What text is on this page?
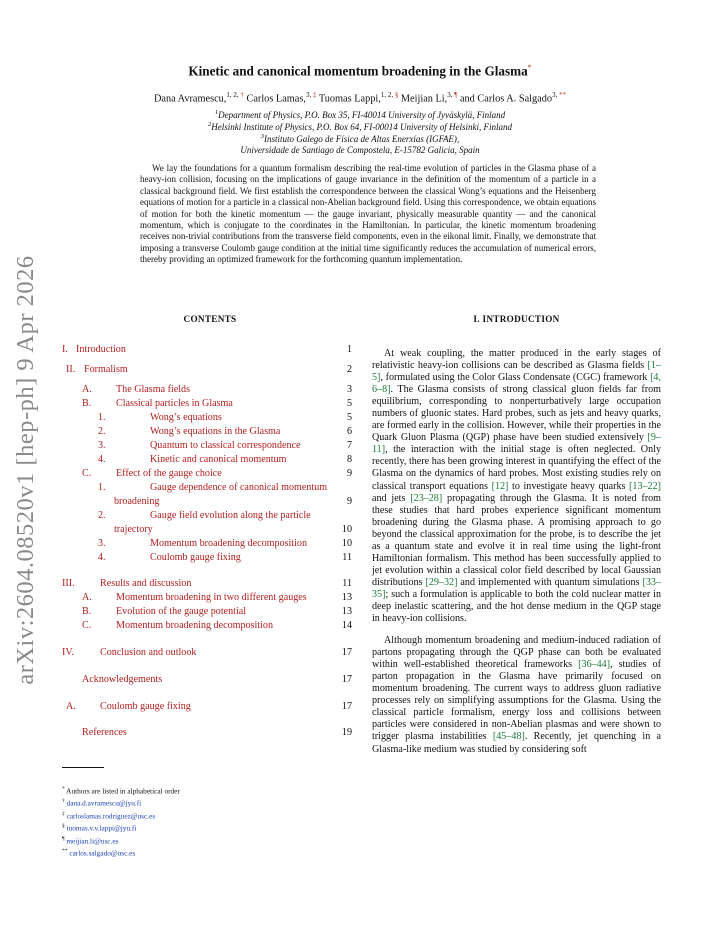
arXiv:2604.08520v1 [hep-ph] 9 Apr 2026
Kinetic and canonical momentum broadening in the Glasma*
Dana Avramescu,$^{1, 2, \dagger}$ Carlos Lamas,$^{3, \ddagger}$ Tuomas Lappi,$^{1, 2, \S}$ Meijian Li,$^{3, \P}$ and Carlos A. Salgado$^{3, **}$
$^1$Department of Physics, P.O. Box 35, FI-40014 University of Jyväskylä, Finland
$^2$Helsinki Institute of Physics, P.O. Box 64, FI-00014 University of Helsinki, Finland
$^3$Instituto Galego de Física de Altas Enerxías (IGFAE),
Universidade de Santiago de Compostela, E-15782 Galicia, Spain

We lay the foundations for a quantum formalism describing the real-time evolution of particles in the Glasma phase of a heavy-ion collision, focusing on the implications of gauge invariance in the definition of the momentum of a particle in a classical background field. We first establish the correspondence between the classical Wong’s equations and the Heisenberg equations of motion for a particle in a classical non-Abelian background field. Using this correspondence, we obtain equations of motion for both the kinetic momentum — the gauge invariant, physically measurable quantity — and the canonical momentum, which is conjugate to the coordinates in the Hamiltonian. In particular, the kinetic momentum broadening receives non-trivial contributions from the transverse field components, even in the eikonal limit. Finally, we demonstrate that imposing a transverse Coulomb gauge condition at the initial time significantly reduces the accumulation of numerical errors, thereby providing an optimized framework for the forthcoming quantum implementation.

CONTENTS	I. INTRODUCTION
I. Introduction	1
II. Formalism	2
A. The Glasma fields	3
B. Classical particles in Glasma	5
1.	Wong’s equations	5
2.	Wong’s equations in the Glasma	6
3.	Quantum to classical correspondence	7
4.	Kinetic and canonical momentum	8
C. Effect of the gauge choice	9
1.	Gauge dependence of canonical momentum
broadening	9
2.	Gauge field evolution along the particle
trajectory	10
3.	Momentum broadening decomposition	10
4.	Coulomb gauge fixing	11
III.	Results and discussion	11
A. Momentum broadening in two different gauges	13
B. Evolution of the gauge potential	13
C. Momentum broadening decomposition	14
IV.	Conclusion and outlook	17
Acknowledgements	17
A. Coulomb gauge fixing	17
References	19

At weak coupling, the matter produced in the early stages of relativistic heavy-ion collisions can be described as Glasma fields [1–5], formulated using the Color Glass Condensate (CGC) framework [4, 6–8]. The Glasma consists of strong classical gluon fields far from equilibrium, corresponding to nonperturbatively large occupation numbers of gluonic states. Hard probes, such as jets and heavy quarks, are formed early in the collision. However, while their properties in the Quark Gluon Plasma (QGP) phase have been studied extensively [9–11], the interaction with the initial stage is often neglected. Only recently, there has been growing interest in quantifying the effect of the Glasma on the dynamics of hard probes. Most existing studies rely on classical transport equations [12] to investigate heavy quarks [13–22] and jets [23–28] propagating through the Glasma. It is noted from these studies that hard probes experience significant momentum broadening during the Glasma phase. A promising approach to go beyond the classical approximation for the probe, is to describe the jet as a quantum state and evolve it in real time using the light-front Hamiltonian formalism. This method has been successfully applied to jet evolution within a classical color field described by local Gaussian distributions [29–32] and implemented with quantum simulations [33–35]; such a formulation is applicable to both the cold nuclear matter in deep inelastic scattering, and the hot dense medium in the QGP stage in heavy-ion collisions.

Although momentum broadening and medium-induced radiation of partons propagating through the QGP phase can both be evaluated within well-established theoretical frameworks [36–44], studies of parton propagation in the Glasma have primarily focused on momentum broadening. The current ways to address gluon radiative processes rely on simplifying assumptions for the Glasma. Using the classical particle formalism, energy loss and collisions between particles were considered in non-Abelian plasmas and were shown to trigger plasma instabilities [45–48]. Recently, jet quenching in a Glasma-like medium was studied by considering soft

* Authors are listed in alphabetical order
† dana.d.avramescu@jyu.fi
‡ carloslamas.rodriguez@usc.es
§ tuomas.v.v.lappi@jyu.fi
¶ meijian.li@usc.es
** carlos.salgado@usc.es
